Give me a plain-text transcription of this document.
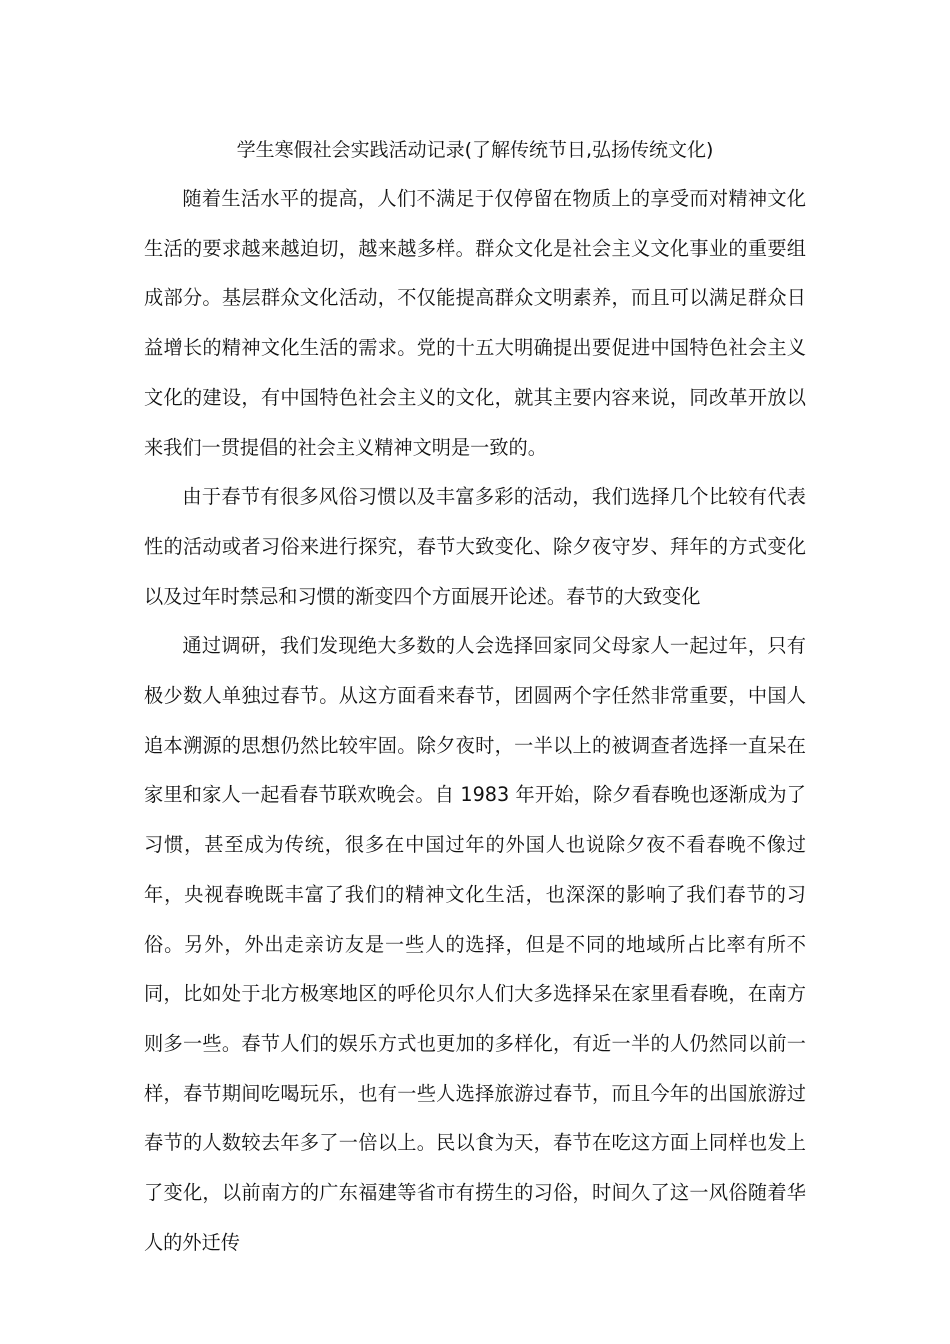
学生寒假社会实践活动记录(了解传统节日,弘扬传统文化)

随着生活水平的提高，人们不满足于仅停留在物质上的享受而对精神文化生活的要求越来越迫切，越来越多样。群众文化是社会主义文化事业的重要组成部分。基层群众文化活动，不仅能提高群众文明素养，而且可以满足群众日益增长的精神文化生活的需求。党的十五大明确提出要促进中国特色社会主义文化的建设，有中国特色社会主义的文化，就其主要内容来说，同改革开放以来我们一贯提倡的社会主义精神文明是一致的。

由于春节有很多风俗习惯以及丰富多彩的活动，我们选择几个比较有代表性的活动或者习俗来进行探究，春节大致变化、除夕夜守岁、拜年的方式变化以及过年时禁忌和习惯的渐变四个方面展开论述。春节的大致变化

通过调研，我们发现绝大多数的人会选择回家同父母家人一起过年，只有极少数人单独过春节。从这方面看来春节，团圆两个字任然非常重要，中国人追本溯源的思想仍然比较牢固。除夕夜时，一半以上的被调查者选择一直呆在家里和家人一起看春节联欢晚会。自 1983 年开始，除夕看春晚也逐渐成为了习惯，甚至成为传统，很多在中国过年的外国人也说除夕夜不看春晚不像过年，央视春晚既丰富了我们的精神文化生活，也深深的影响了我们春节的习俗。另外，外出走亲访友是一些人的选择，但是不同的地域所占比率有所不同，比如处于北方极寒地区的呼伦贝尔人们大多选择呆在家里看春晚，在南方则多一些。春节人们的娱乐方式也更加的多样化，有近一半的人仍然同以前一样，春节期间吃喝玩乐，也有一些人选择旅游过春节，而且今年的出国旅游过春节的人数较去年多了一倍以上。民以食为天，春节在吃这方面上同样也发上了变化，以前南方的广东福建等省市有捞生的习俗，时间久了这一风俗随着华人的外迁传
